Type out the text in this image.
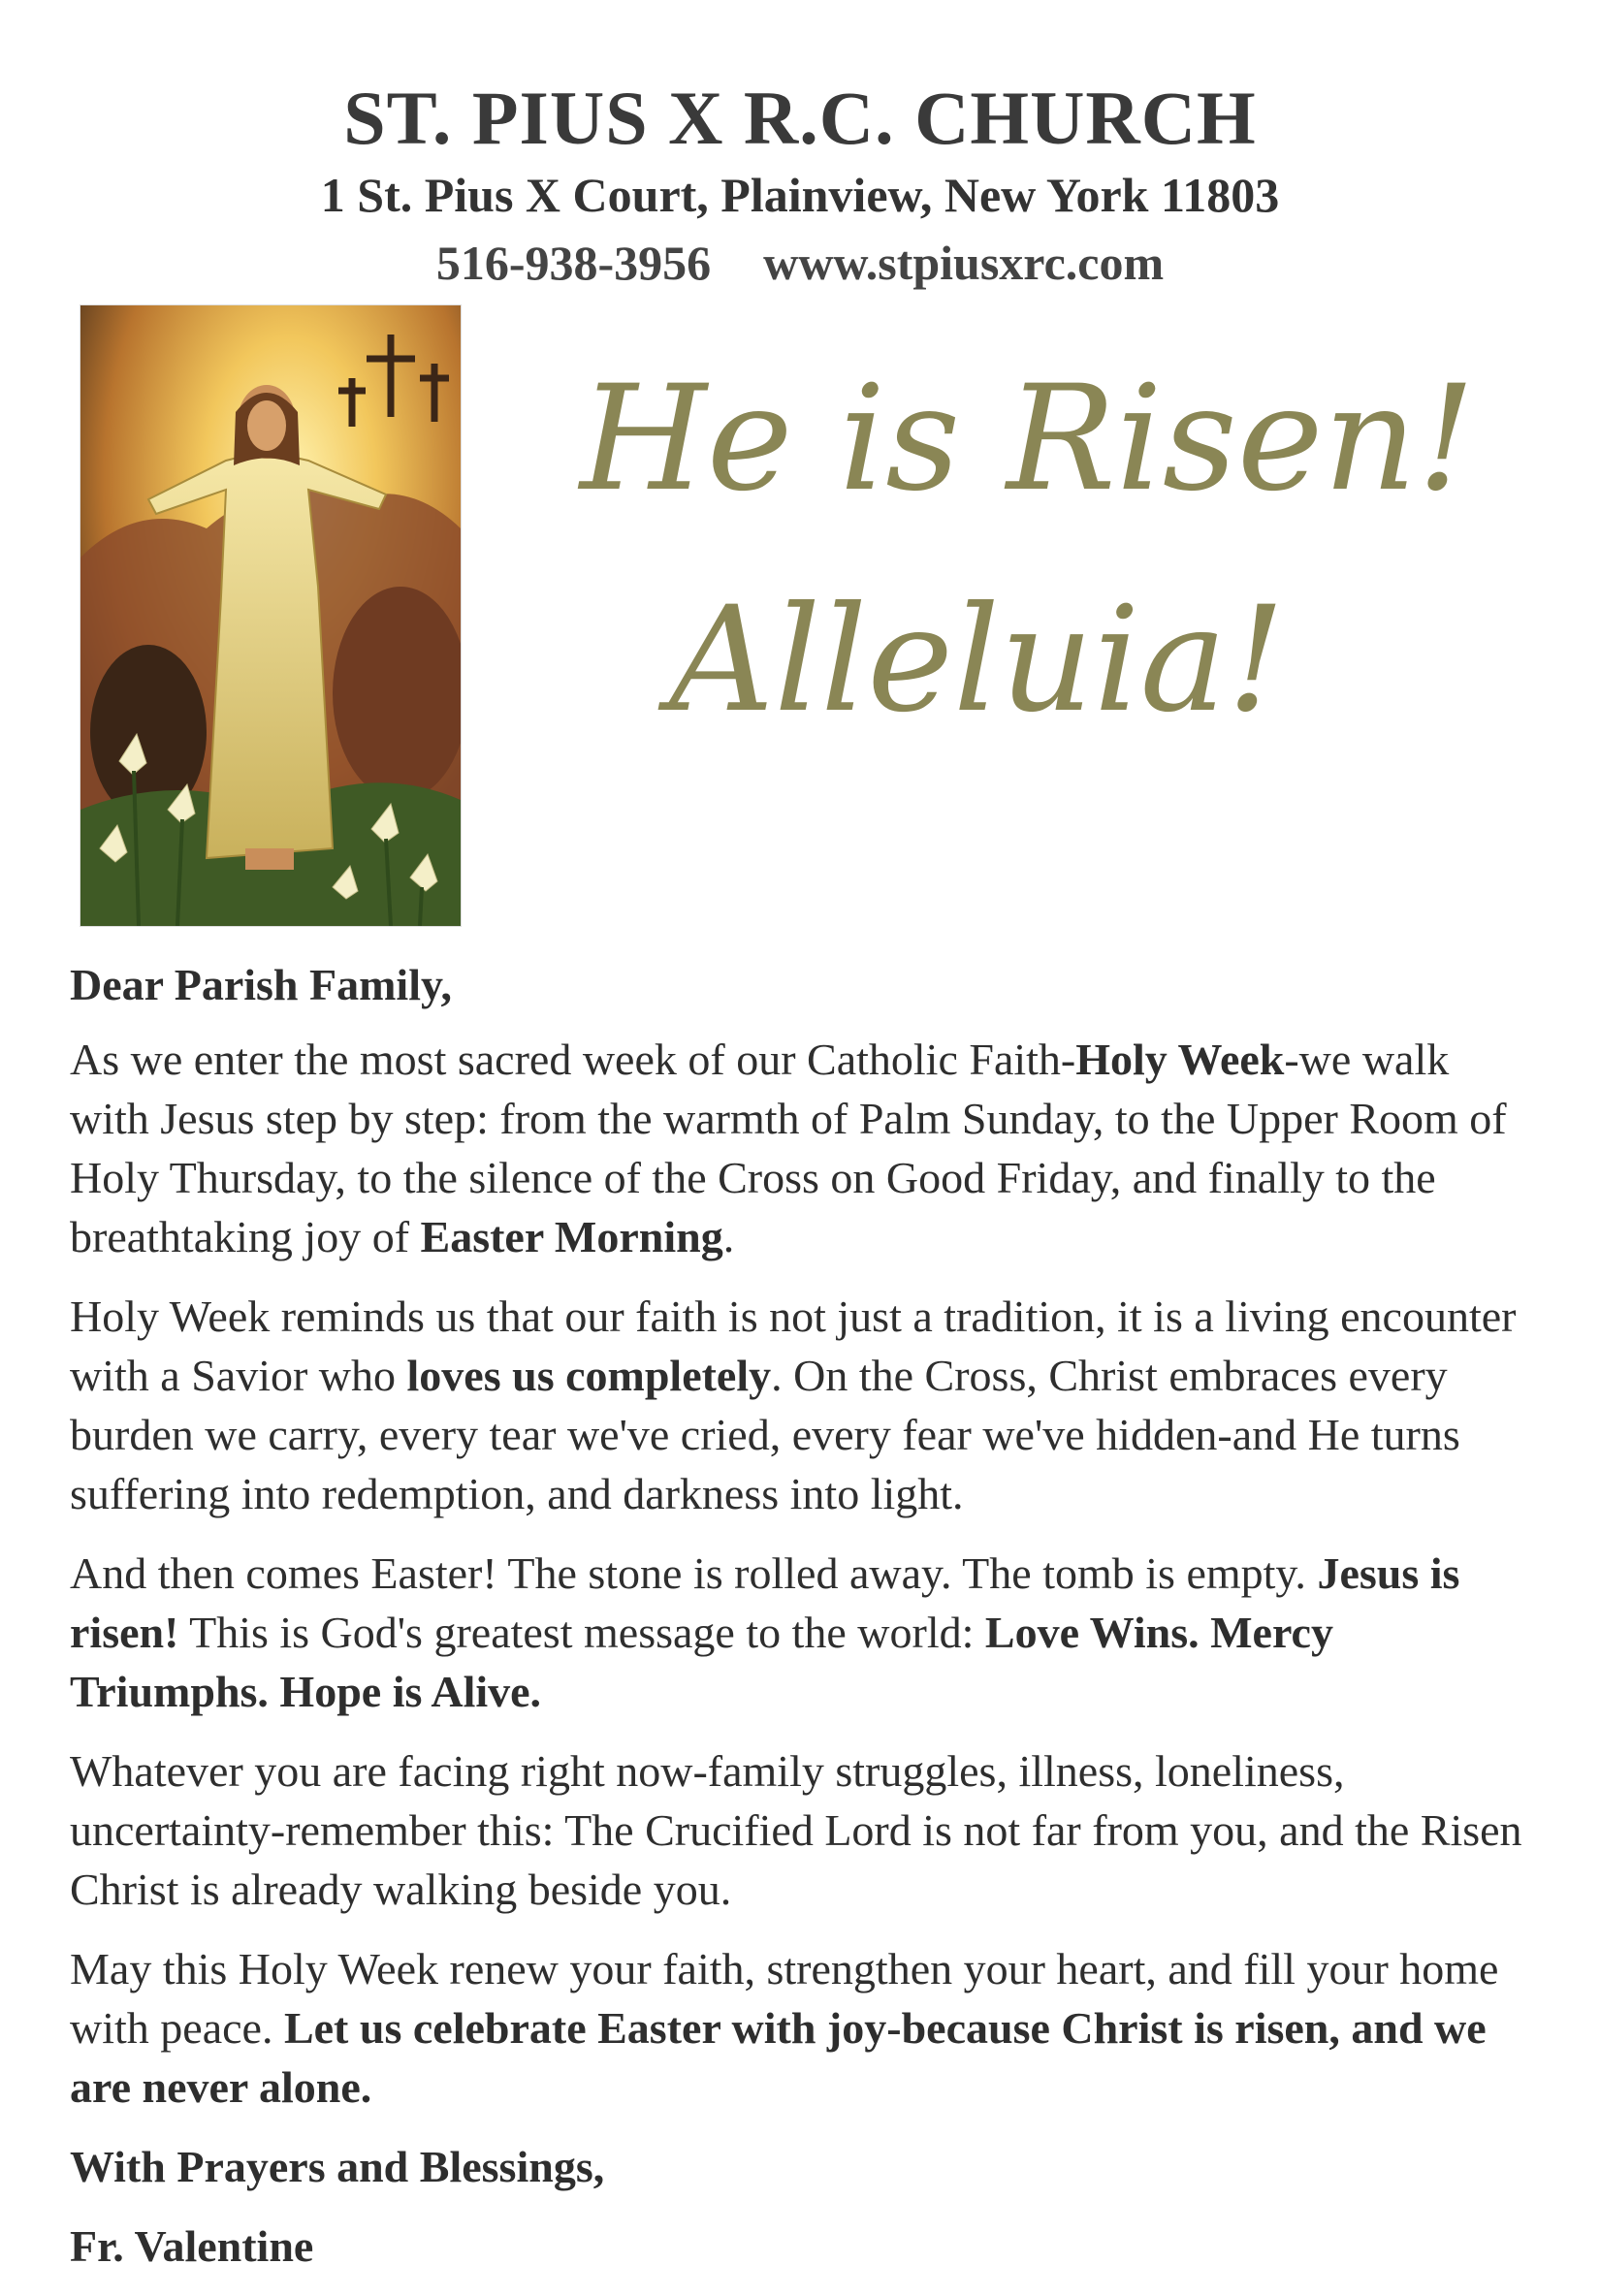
ST. PIUS X R.C. CHURCH
1 St. Pius X Court, Plainview, New York 11803
516-938-3956 www.stpiusxrc.com
He is Risen!
Alleluia!

Dear Parish Family,

As we enter the most sacred week of our Catholic Faith-Holy Week-we walk with Jesus step by step: from the warmth of Palm Sunday, to the Upper Room of Holy Thursday, to the silence of the Cross on Good Friday, and finally to the breathtaking joy of Easter Morning.

Holy Week reminds us that our faith is not just a tradition, it is a living encounter with a Savior who loves us completely. On the Cross, Christ embraces every burden we carry, every tear we've cried, every fear we've hidden-and He turns suffering into redemption, and darkness into light.

And then comes Easter! The stone is rolled away. The tomb is empty. Jesus is risen! This is God's greatest message to the world: Love Wins. Mercy Triumphs. Hope is Alive.

Whatever you are facing right now-family struggles, illness, loneliness, uncertainty-remember this: The Crucified Lord is not far from you, and the Risen Christ is already walking beside you.

May this Holy Week renew your faith, strengthen your heart, and fill your home with peace. Let us celebrate Easter with joy-because Christ is risen, and we are never alone.

With Prayers and Blessings,

Fr. Valentine
